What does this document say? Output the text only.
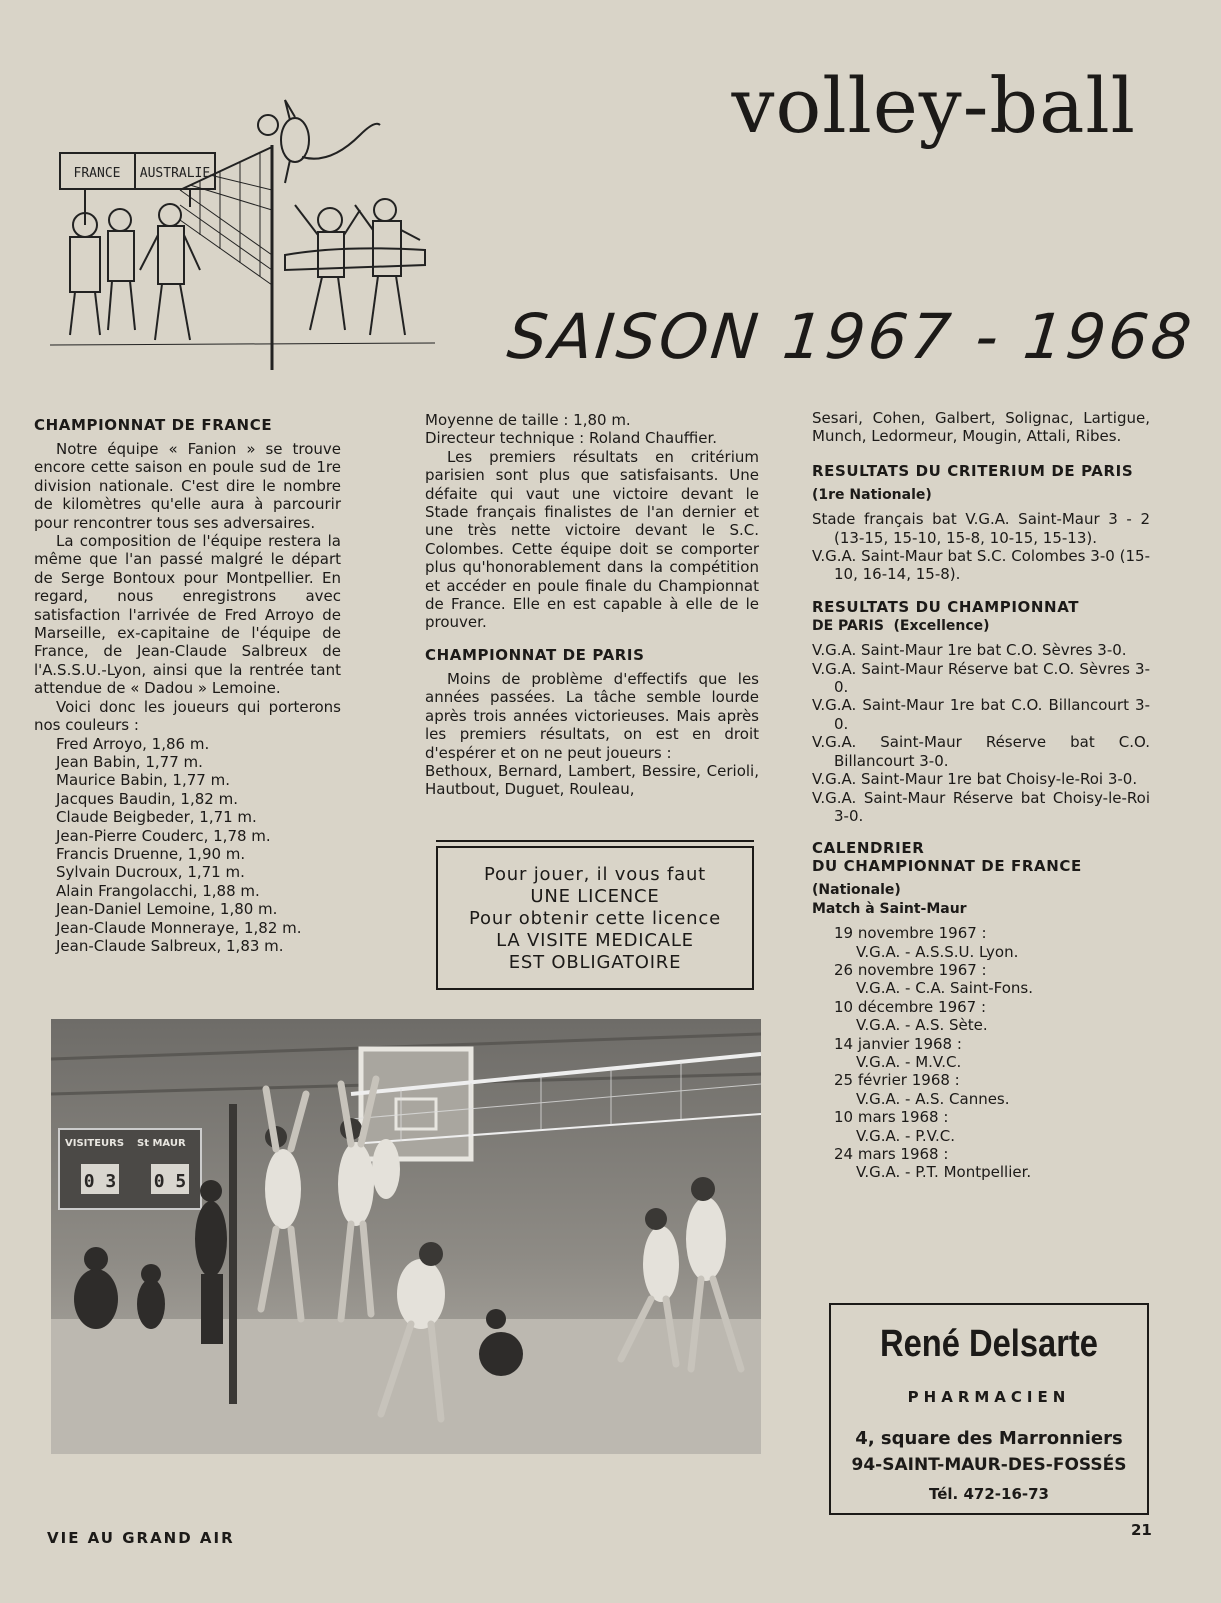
FRANCE AUSTRALIE
volley-ball
SAISON 1967 - 1968
CHAMPIONNAT DE FRANCE

Notre équipe « Fanion » se trouve encore cette saison en poule sud de 1re division nationale. C'est dire le nombre de kilomètres qu'elle aura à parcourir pour rencontrer tous ses adversaires.

La composition de l'équipe restera la même que l'an passé malgré le départ de Serge Bontoux pour Montpellier. En regard, nous enregistrons avec satisfaction l'arrivée de Fred Arroyo de Marseille, ex-capitaine de l'équipe de France, de Jean-Claude Salbreux de l'A.S.S.U.-Lyon, ainsi que la rentrée tant attendue de « Dadou » Lemoine.

Voici donc les joueurs qui porterons nos couleurs :

Fred Arroyo, 1,86 m.

Jean Babin, 1,77 m.

Maurice Babin, 1,77 m.

Jacques Baudin, 1,82 m.

Claude Beigbeder, 1,71 m.

Jean-Pierre Couderc, 1,78 m.

Francis Druenne, 1,90 m.

Sylvain Ducroux, 1,71 m.

Alain Frangolacchi, 1,88 m.

Jean-Daniel Lemoine, 1,80 m.

Jean-Claude Monneraye, 1,82 m.

Jean-Claude Salbreux, 1,83 m.

Moyenne de taille : 1,80 m.

Directeur technique : Roland Chauffier.

Les premiers résultats en critérium parisien sont plus que satisfaisants. Une défaite qui vaut une victoire devant le Stade français finalistes de l'an dernier et une très nette victoire devant le S.C. Colombes. Cette équipe doit se comporter plus qu'honorablement dans la compétition et accéder en poule finale du Championnat de France. Elle en est capable à elle de le prouver.

CHAMPIONNAT DE PARIS

Moins de problème d'effectifs que les années passées. La tâche semble lourde après trois années victorieuses. Mais après les premiers résultats, on est en droit d'espérer et on ne peut joueurs :

Bethoux, Bernard, Lambert, Bessire, Cerioli, Hautbout, Duguet, Rouleau,

Pour jouer, il vous faut
UNE LICENCE
Pour obtenir cette licence
LA VISITE MEDICALE
EST OBLIGATOIRE

Sesari, Cohen, Galbert, Solignac, Lartigue, Munch, Ledormeur, Mougin, Attali, Ribes.

RESULTATS DU CRITERIUM DE PARIS

(1re Nationale)

Stade français bat V.G.A. Saint-Maur 3 - 2 (13-15, 15-10, 15-8, 10-15, 15-13).

V.G.A. Saint-Maur bat S.C. Colombes 3-0 (15-10, 16-14, 15-8).

RESULTATS DU CHAMPIONNAT

DE PARIS (Excellence)

V.G.A. Saint-Maur 1re bat C.O. Sèvres 3-0.

V.G.A. Saint-Maur Réserve bat C.O. Sèvres 3-0.

V.G.A. Saint-Maur 1re bat C.O. Billancourt 3-0.

V.G.A. Saint-Maur Réserve bat C.O. Billancourt 3-0.

V.G.A. Saint-Maur 1re bat Choisy-le-Roi 3-0.

V.G.A. Saint-Maur Réserve bat Choisy-le-Roi 3-0.

CALENDRIER
DU CHAMPIONNAT DE FRANCE

(Nationale)

Match à Saint-Maur

19 novembre 1967 :

V.G.A. - A.S.S.U. Lyon.

26 novembre 1967 :

V.G.A. - C.A. Saint-Fons.

10 décembre 1967 :

V.G.A. - A.S. Sète.

14 janvier 1968 :

V.G.A. - M.V.C.

25 février 1968 :

V.G.A. - A.S. Cannes.

10 mars 1968 :

V.G.A. - P.V.C.

24 mars 1968 :

V.G.A. - P.T. Montpellier.

VISITEURS St MAUR
0 3 0 5
René Delsarte
PHARMACIEN
4, square des Marronniers
94-SAINT-MAUR-DES-FOSSÉS
Tél. 472-16-73
VIE AU GRAND AIR	21
